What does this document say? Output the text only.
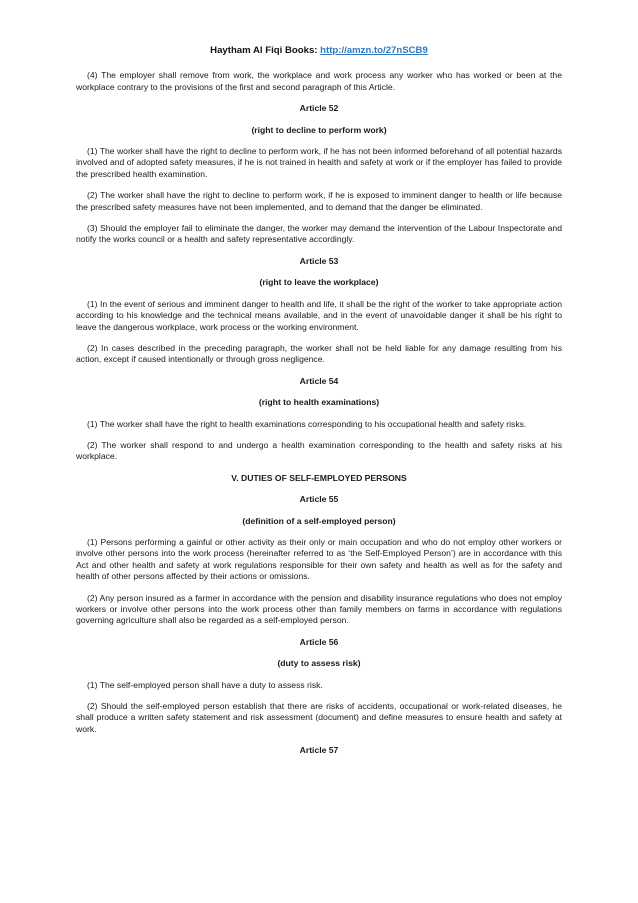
Haytham Al Fiqi Books: http://amzn.to/27nSCB9

(4) The employer shall remove from work, the workplace and work process any worker who has worked or been at the workplace contrary to the provisions of the first and second paragraph of this Article.

Article 52

(right to decline to perform work)

(1) The worker shall have the right to decline to perform work, if he has not been informed beforehand of all potential hazards involved and of adopted safety measures, if he is not trained in health and safety at work or if the employer has failed to provide the prescribed health examination.

(2) The worker shall have the right to decline to perform work, if he is exposed to imminent danger to health or life because the prescribed safety measures have not been implemented, and to demand that the danger be eliminated.

(3) Should the employer fail to eliminate the danger, the worker may demand the intervention of the Labour Inspectorate and notify the works council or a health and safety representative accordingly.

Article 53

(right to leave the workplace)

(1) In the event of serious and imminent danger to health and life, it shall be the right of the worker to take appropriate action according to his knowledge and the technical means available, and in the event of unavoidable danger it shall be his right to leave the dangerous workplace, work process or the working environment.

(2) In cases described in the preceding paragraph, the worker shall not be held liable for any damage resulting from his action, except if caused intentionally or through gross negligence.

Article 54

(right to health examinations)

(1) The worker shall have the right to health examinations corresponding to his occupational health and safety risks.

(2) The worker shall respond to and undergo a health examination corresponding to the health and safety risks at his workplace.

V. DUTIES OF SELF-EMPLOYED PERSONS

Article 55

(definition of a self-employed person)

(1) Persons performing a gainful or other activity as their only or main occupation and who do not employ other workers or involve other persons into the work process (hereinafter referred to as ‘the Self-Employed Person’) are in accordance with this Act and other health and safety at work regulations responsible for their own safety and health as well as for the safety and health of other persons affected by their actions or omissions.

(2) Any person insured as a farmer in accordance with the pension and disability insurance regulations who does not employ workers or involve other persons into the work process other than family members on farms in accordance with regulations governing agriculture shall also be regarded as a self-employed person.

Article 56

(duty to assess risk)

(1) The self-employed person shall have a duty to assess risk.

(2) Should the self-employed person establish that there are risks of accidents, occupational or work-related diseases, he shall produce a written safety statement and risk assessment (document) and define measures to ensure health and safety at work.

Article 57
